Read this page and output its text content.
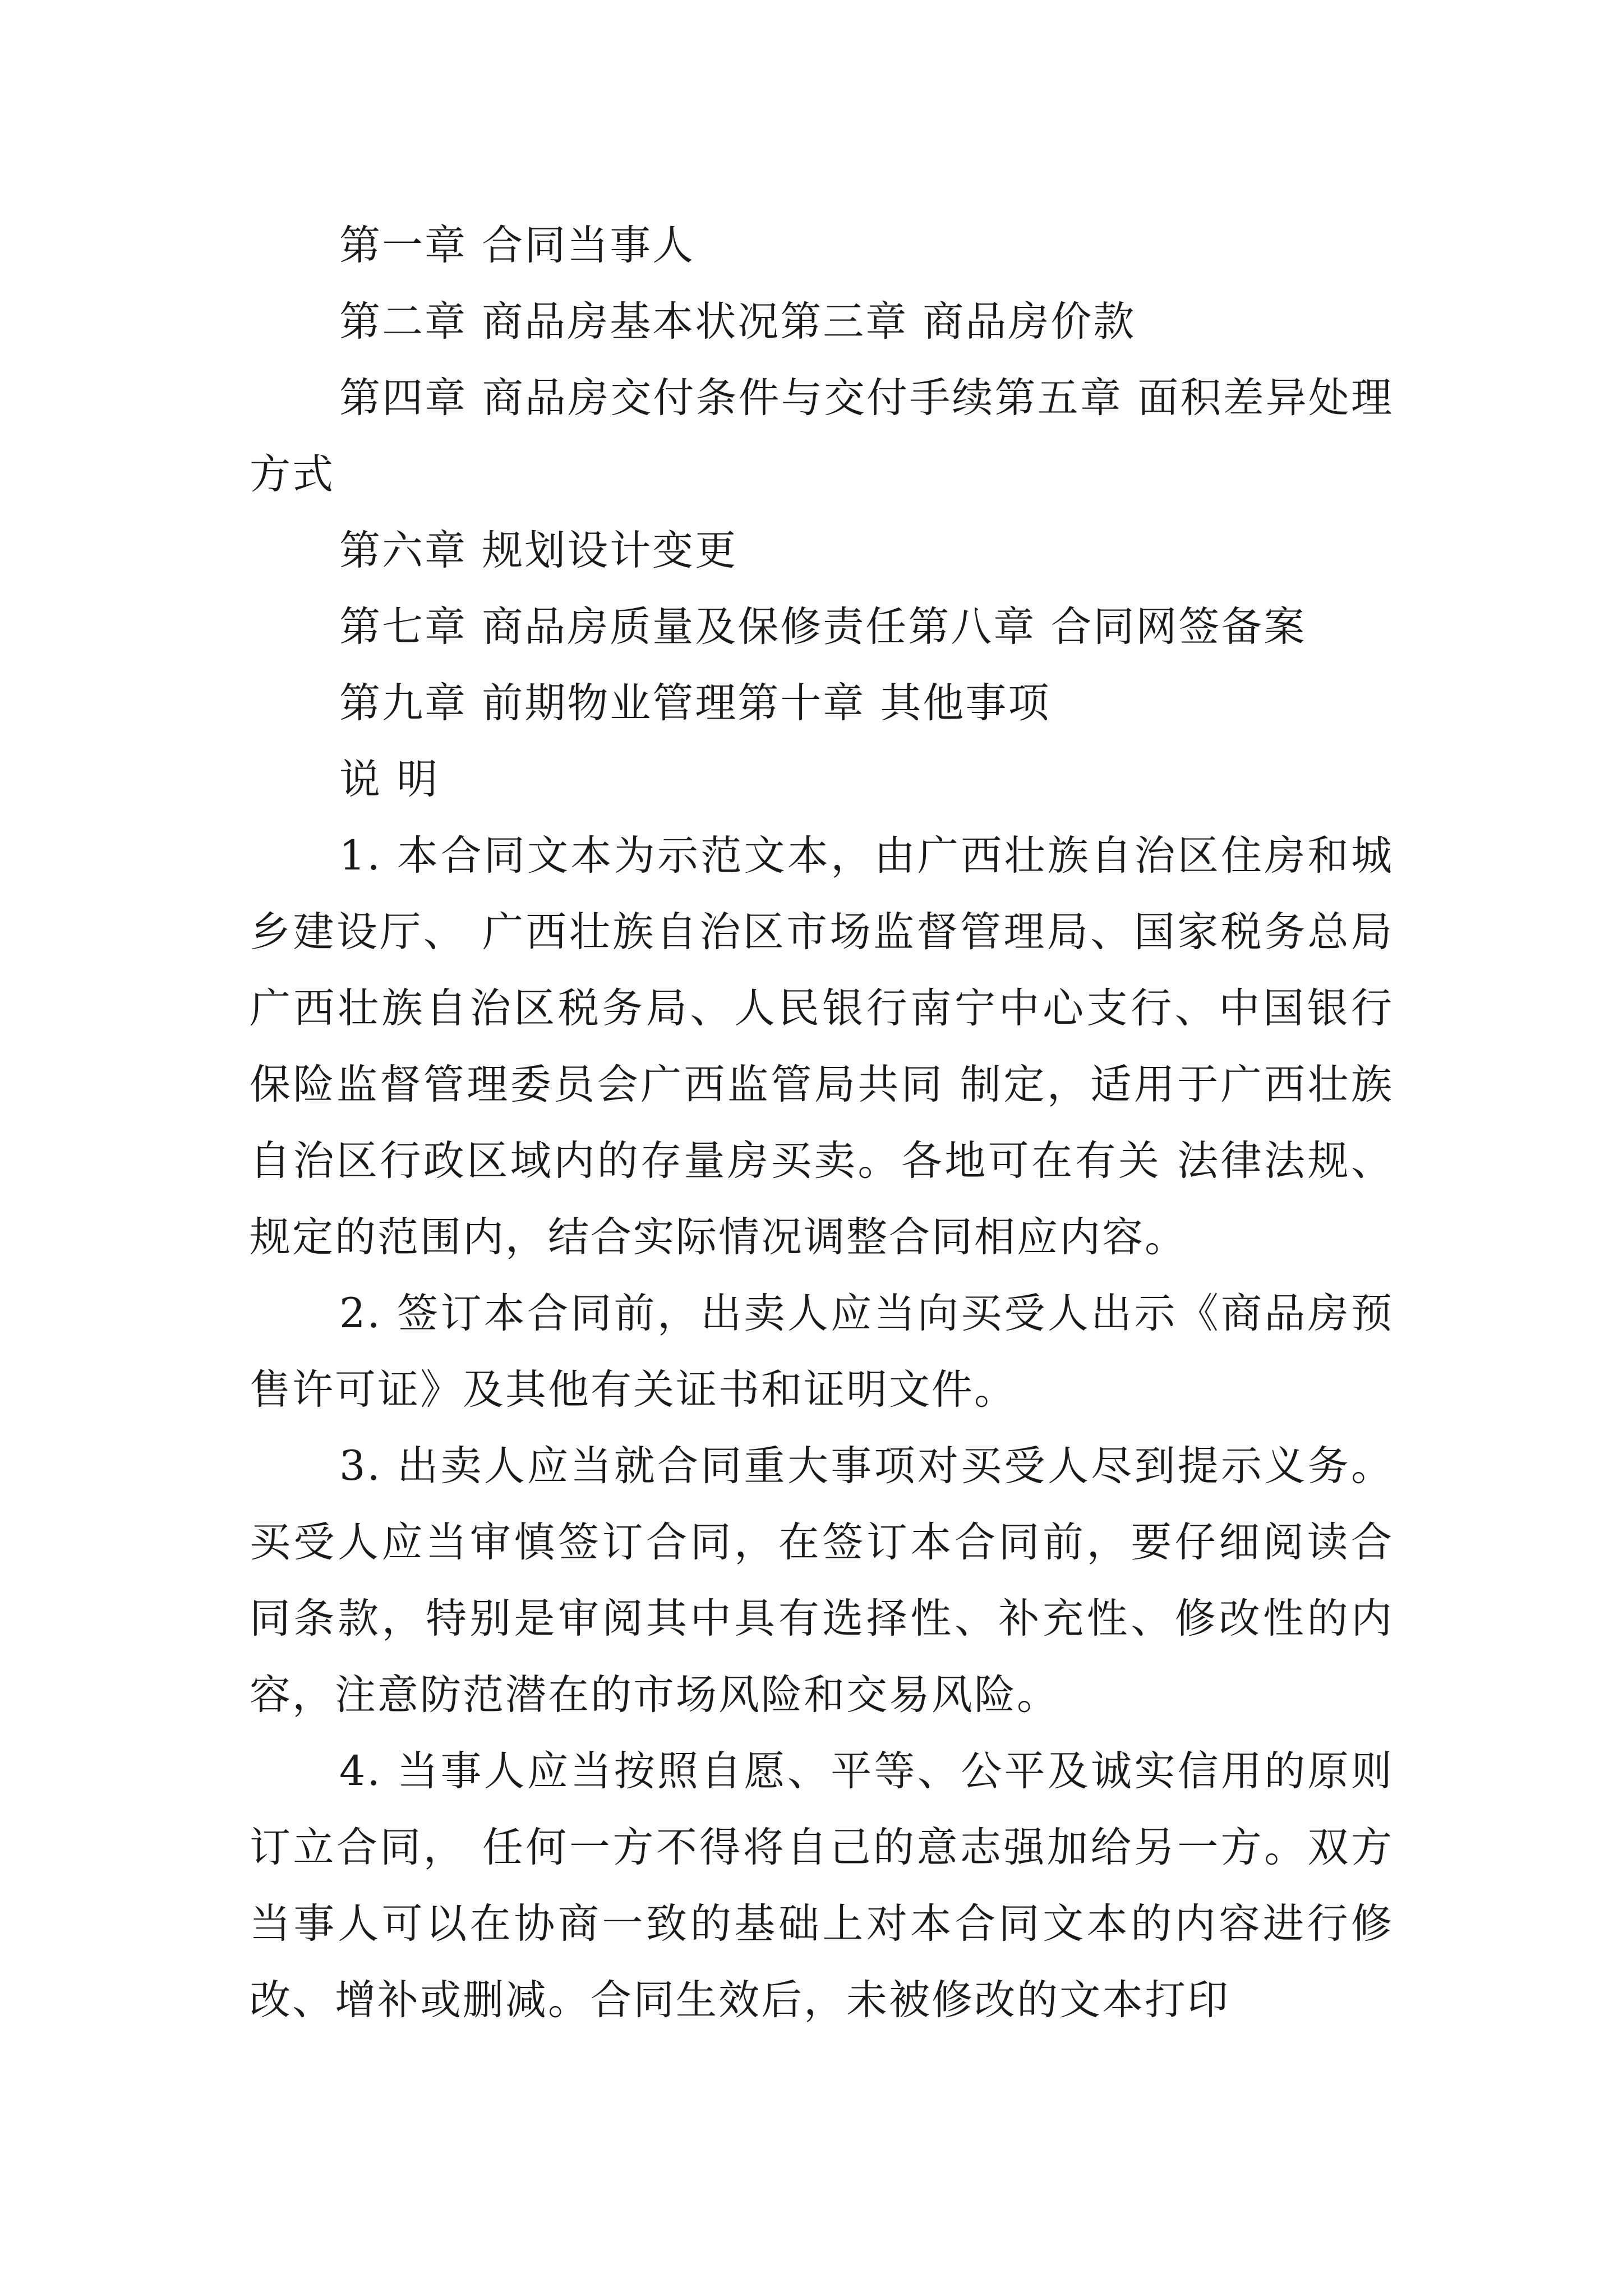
第一章 合同当事人

第二章 商品房基本状况第三章 商品房价款

第四章 商品房交付条件与交付手续第五章 面积差异处理方式

第六章 规划设计变更

第七章 商品房质量及保修责任第八章 合同网签备案

第九章 前期物业管理第十章 其他事项

说 明

1. 本合同文本为示范文本，由广西壮族自治区住房和城乡建设厅、 广西壮族自治区市场监督管理局、国家税务总局广西壮族自治区税务局、人民银行南宁中心支行、中国银行保险监督管理委员会广西监管局共同 制定，适用于广西壮族自治区行政区域内的存量房买卖。各地可在有关 法律法规、规定的范围内，结合实际情况调整合同相应内容。

2. 签订本合同前，出卖人应当向买受人出示《商品房预售许可证》及其他有关证书和证明文件。

3. 出卖人应当就合同重大事项对买受人尽到提示义务。买受人应当审慎签订合同，在签订本合同前，要仔细阅读合同条款，特别是审阅其中具有选择性、补充性、修改性的内容，注意防范潜在的市场风险和交易风险。

4. 当事人应当按照自愿、平等、公平及诚实信用的原则订立合同， 任何一方不得将自己的意志强加给另一方。双方当事人可以在协商一致的基础上对本合同文本的内容进行修改、增补或删减。合同生效后，未被修改的文本打印
